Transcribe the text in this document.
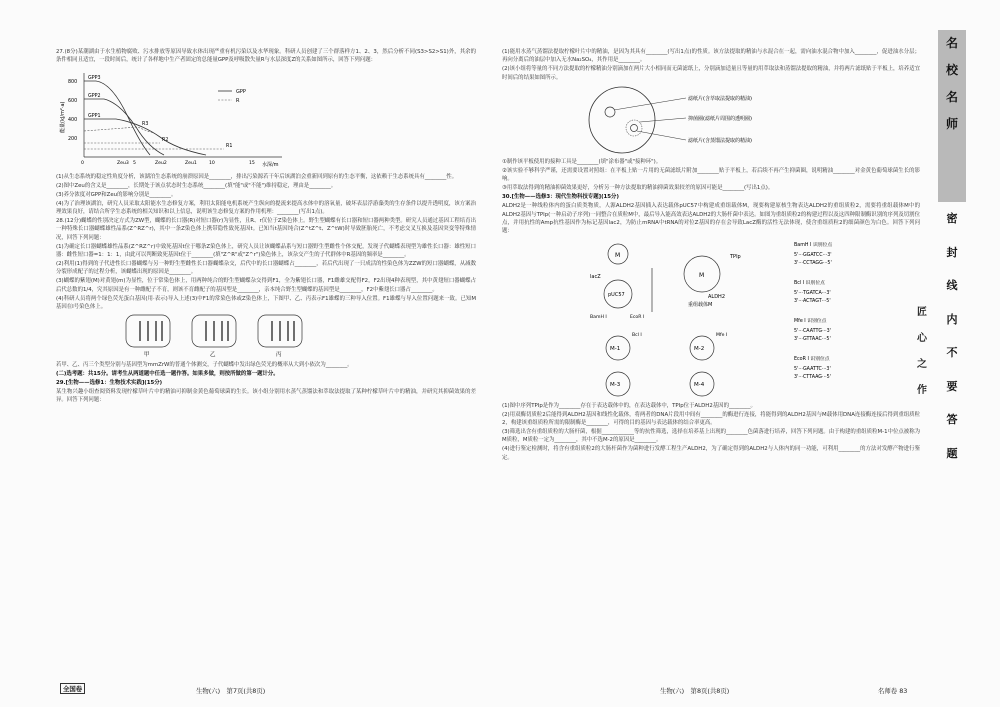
27.(8分)某潮湖由于水生植物腐败、污水排放等原因导致水体出现严重有机污染以及水华现象。科研人员创建了三个群落样方1、2、3，然后分析不同(S3>S2>S1)外，其余的条件相同且适宜，一段时间后，统计了各样地中生产者固定的总能量GPP及呼吸散失量R与水层深度Z的关系如图所示，回答下列问题：

能量(kJ/m²·a)
800
600
400
200
0	Zeu3 5	Zeu2	Zeu1	10	15 水深/m
GPP3
GPP2
GPP1
R3
R2
R1
GPP
R

(1)从生态系统的稳定性角度分析，该湖泊生态系统的崩溃原因是________，排出污染源若干年后该湖泊会重新回到原有的生态平衡，这依赖于生态系统具有________性。

(2)图中Zeu的含义是________，长期处于该点状态时生态系统________(填"能"或"不能")维持稳定，理由是________。

(3)养分浓度对GPP和Zeu的影响分别是________。

(4)为了治理该湖泊，研究人员采取太阳能水生态修复方案，利用太阳能电机系统产生纵向的提流来提高水体中的溶氧量，破坏表层浮游藻类的生存条件以提升透明度，该方案治理效果良好，请结合所学生态系统的相关知识和以上信息，说明该生态修复方案的作用机理：________(写出1点)。

28.(12分)蝴蝶的性别决定方式为ZW型，蝴蝶的长口器(R)对短口器(r)为显性，且R、r仅位于Z染色体上。野生型蝴蝶有长口器和短口器两种类型。研究人员通过基因工程培育出一种特殊长口器蝴蝶雄性品系(Z^RZ^r)，其中一条Z染色体上携带隐性致死基因t。已知当t基因纯合(Z^tZ^t、Z^tW)时导致胚胎死亡，不考虑交叉互换及基因突变等特殊情况，回答下列问题：

(1)为确定长口器蝴蝶雄性品系(Z^RZ^r)中致死基因t位于哪条Z染色体上，研究人员让该蝴蝶品系与短口器野生型雌性个体交配，发现子代蝴蝶表现型为雄性长口器：雄性短口器：雌性短口器=1：1：1，由此可以判断致死基因t位于________(填"Z^R"或"Z^r")染色体上，该杂交产生的子代群体中R基因的频率是________。

(2)利用(1)得到的子代进性长口器蝴蝶与另一种野生型雌性长口器蝴蝶杂交，后代中的长口器蝴蝶占________，若后代出现了一只成活的性染色体为ZZW的短口器蝴蝶，从减数分裂形成配子的过程分析，该蝴蝶出现的原因是________。

(3)蝴蝶的紫翅(M)对黄翅(m)为显性，位于常染色体上，用两种纯合的野生型蝴蝶杂交得到F1，全为紫翅长口器，F1雌雄交配得F2，F2出现4种表现型，其中黄翅短口器蝴蝶占后代总数的1/4，究其原因是有一种雌配子不育，则该不育雌配子的基因型是________，亲本纯合野生型蝴蝶的基因型是________，F2中紫翅长口器占________。

(4)科研人员将两个绿色荧光蛋白基因(用·表示)导入上述(3)中F1的常染色体或Z染色体上，下图甲、乙、丙表示F1雄蝶的三种导入位置。F1雄蝶与导入位置问题来一致。已知M基因在Ⅰ号染色体上。

甲	乙	丙

若甲、乙、丙三个类型分别与基因型为mmZrW的普通个体测交，子代蝴蝶中发出绿色荧光的概率从大到小依次为________。

(二)选考题：共15分。请考生从两道题中任选一题作答。如果多做，则按所做的第一题计分。

29.[生物——选修1：生物技术实践](15分)

某生物兴趣小组查阅资料发现柠檬草叶片中的精油可抑制金黄色葡萄球菌的生长。该小组分别用水蒸气蒸馏法和萃取法提取了某种柠檬草叶片中的精油，并研究其抑菌效果的差异。回答下列问题：

(1)能用水蒸气蒸馏法提取柠檬叶片中的精油，是因为其具有________(写出1点)的性质。该方法提取的精油与水混合在一起，需向油水混合物中加入________，促进油水分层；再向分离后的油层中加入无水Na₂SO₄，其作用是________。

(2)该小组将等量的不同方法提取的柠檬精油分别滴加在两片大小相同而无菌滤纸上，分别滴加适量且等量的用萃取法和蒸馏法提取的精油，并将两片滤纸贴于平板上，培养适宜时间后的结果如图所示。

滤纸片(含萃取法提取的精油)
抑菌圈(滤纸片周围的透明圈)
滤纸片(含蒸馏法提取的精油)

①制作该平板使用的接种工具是________(填"涂布器"或"接种环")。

②该实验不够科学严谨，还需要设置对照组：在平板上贴一片用的无菌滤纸片附加________贴于平板上，若后续不再产生抑菌圈，说明精油________对金黄色葡萄球菌生长的影响。

③用萃取法得到的精油抑菌效果更好，分析另一种方法提取的精油抑菌效果较差的原因可能是________(写出1点)。

30.[生物——选修3：现代生物科技专题](15分)

ALDH2是一种线粒体内的蛋白质类物质，人源ALDH2基因插入表达载体pUC57中构建成重组载体M，现要构建原核生物表达ALDH2的重组质粒2，需要将重组载体M中的ALDH2基因与TPIp(一种启动子序列)一同整合在质粒M中，最后导入能高效表达ALDH2的大肠杆菌中表达。如图为重组质粒2的构建过程以及这四种限制酶识别的序列及切割位点，并用抗性的Amp抗性基因作为标记基因lac2，为防止mRNA中tRNA的对位Z基因的存在会导致LacZ酶的活性无法体现，使含重组质粒2的细菌颜色为白色。回答下列问题：

M
pUC57
M
重组载体M
TPIp
ALDH2
lacZ
EcoR I
BamH I
M-1	M-2
M-3	M-4
Mfe I
Bcl I
BamH I 识别位点
5'···GGATCC···3'
3'···CCTAGG···5'
Bcl I 识别位点
5'···TGATCA···3'
3'···ACTAGT···5'
Mfe I 识别位点
5'···CAATTG···3'
3'···GTTAAC···5'
EcoR I 识别位点
5'···GAATTC···3'
3'···CTTAAG···5'

(1)图中序列TPIp是作为________存在于表达载体中的，在表达载体中，TPIp位于ALDH2基因的________。

(2)用双酶切质粒2后能得到ALDH2基因和线性化载体，将两者的DNA片段用中间有________的酶进行连接，将能得到的ALDH2基因与M载体用DNA连接酶连接后得到重组质粒2，构建该重组质粒所需的限制酶是________，可得的目的基因与表达载体的结合率更高。

(3)筛选出含有重组质粒的大肠杆菌，根据____________等的抗性筛选，选择在培养基上出现的________色菌落进行培养，回答下列问题。由于构建的重组质粒M-1中位点被称为M质粒，M质粒一定为________，其中不选M-2的原因是________。

(4)进行鉴定检测时，将含有重组质粒2的大肠杆菌作为菌种进行发酵工程生产ALDH2，为了确定得到的ALDH2与人体内的同一功能，可利用________的方法对发酵产物进行鉴定。

全国卷	生物(六)　第7页(共8页)	生物(六)　第8页(共8页)	名师卷 83
名
校
名
师
密
封
线
内
不
要
答
题
匠
心
之
作
